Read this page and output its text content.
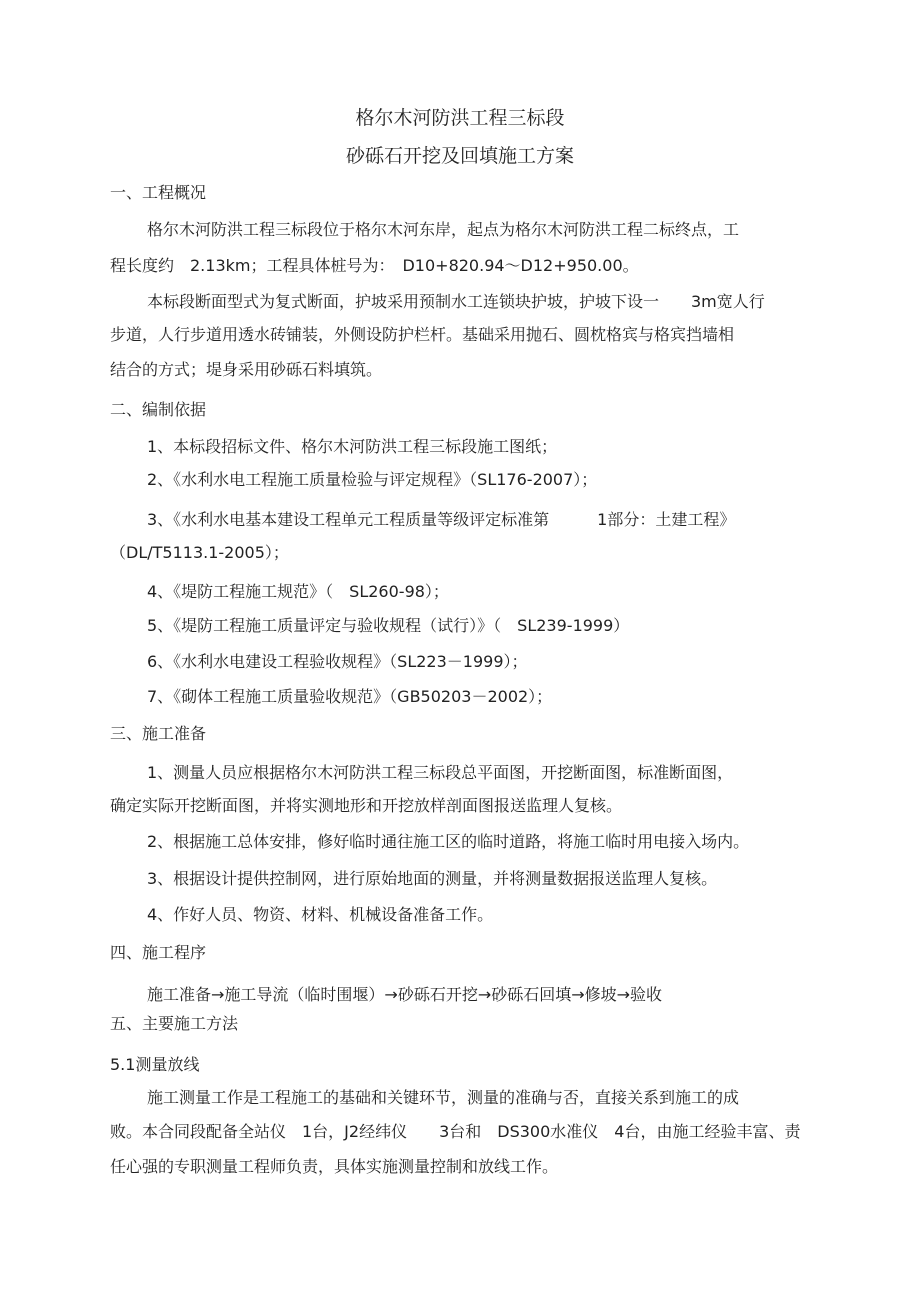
格尔木河防洪工程三标段
砂砾石开挖及回填施工方案
一、工程概况
格尔木河防洪工程三标段位于格尔木河东岸，起点为格尔木河防洪工程二标终点，工
程长度约　2.13km；工程具体桩号为：　D10+820.94～D12+950.00。
本标段断面型式为复式断面，护坡采用预制水工连锁块护坡，护坡下设一　　3m宽人行
步道，人行步道用透水砖铺装，外侧设防护栏杆。基础采用抛石、圆枕格宾与格宾挡墙相
结合的方式；堤身采用砂砾石料填筑。
二、编制依据
1、本标段招标文件、格尔木河防洪工程三标段施工图纸；
2、《水利水电工程施工质量检验与评定规程》（SL176-2007）；
3、《水利水电基本建设工程单元工程质量等级评定标准第　　　1部分：土建工程》
（DL/T5113.1-2005）；
4、《堤防工程施工规范》（　SL260-98）；
5、《堤防工程施工质量评定与验收规程（试行）》（　SL239-1999）
6、《水利水电建设工程验收规程》（SL223－1999）；
7、《砌体工程施工质量验收规范》（GB50203－2002）；
三、施工准备
1、测量人员应根据格尔木河防洪工程三标段总平面图，开挖断面图，标准断面图，
确定实际开挖断面图，并将实测地形和开挖放样剖面图报送监理人复核。
2、根据施工总体安排，修好临时通往施工区的临时道路，将施工临时用电接入场内。
3、根据设计提供控制网，进行原始地面的测量，并将测量数据报送监理人复核。
4、作好人员、物资、材料、机械设备准备工作。
四、施工程序
施工准备→施工导流（临时围堰）→砂砾石开挖→砂砾石回填→修坡→验收
五、主要施工方法
5.1测量放线
施工测量工作是工程施工的基础和关键环节，测量的准确与否，直接关系到施工的成
败。本合同段配备全站仪　1台，J2经纬仪　　3台和　DS300水准仪　4台，由施工经验丰富、责
任心强的专职测量工程师负责，具体实施测量控制和放线工作。
